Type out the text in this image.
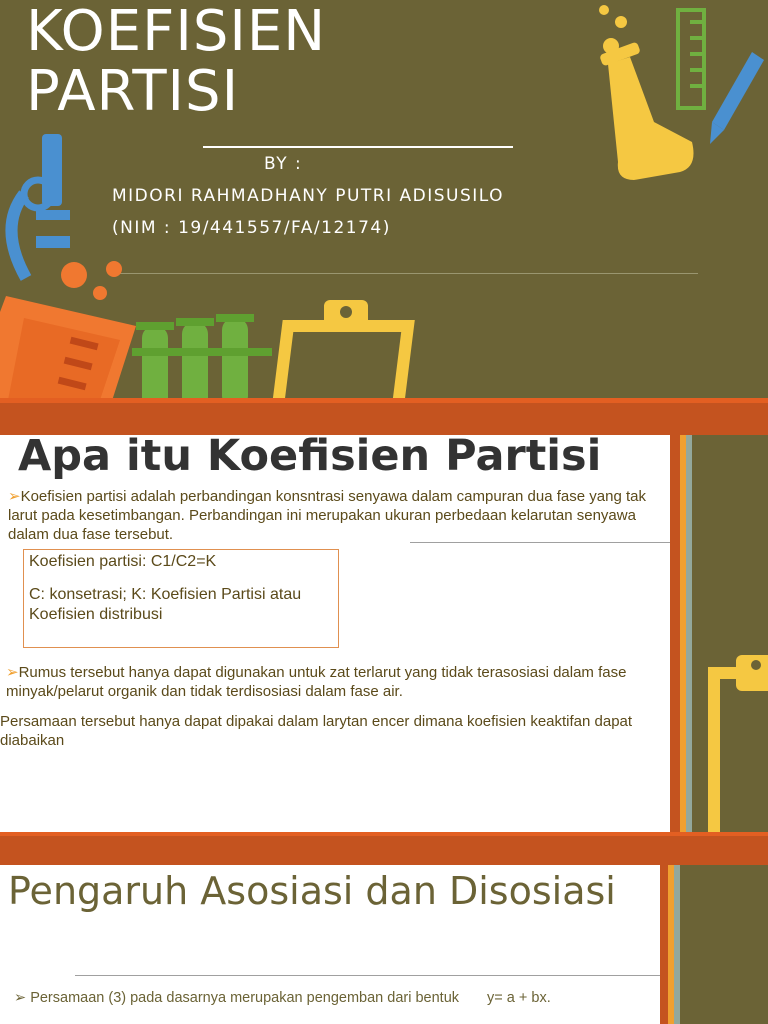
KOEFISIEN
PARTISI
BY :
MIDORI RAHMADHANY PUTRI ADISUSILO
(NIM : 19/441557/FA/12174)
Apa itu Koefisien Partisi
➢Koefisien partisi adalah perbandingan konsntrasi senyawa dalam campuran dua fase yang tak larut pada kesetimbangan. Perbandingan ini merupakan ukuran perbedaan kelarutan senyawa dalam dua fase tersebut.
Koefisien partisi: C1/C2=K
C: konsetrasi; K: Koefisien Partisi atau Koefisien distribusi
➢Rumus tersebut hanya dapat digunakan untuk zat terlarut yang tidak terasosiasi dalam fase minyak/pelarut organik dan tidak terdisosiasi dalam fase air.
Persamaan tersebut hanya dapat dipakai dalam larytan encer dimana koefisien keaktifan dapat diabaikan
Pengaruh Asosiasi dan Disosiasi
➢ Persamaan (3) pada dasarnya merupakan pengemban dari bentuk y= a + bx.
